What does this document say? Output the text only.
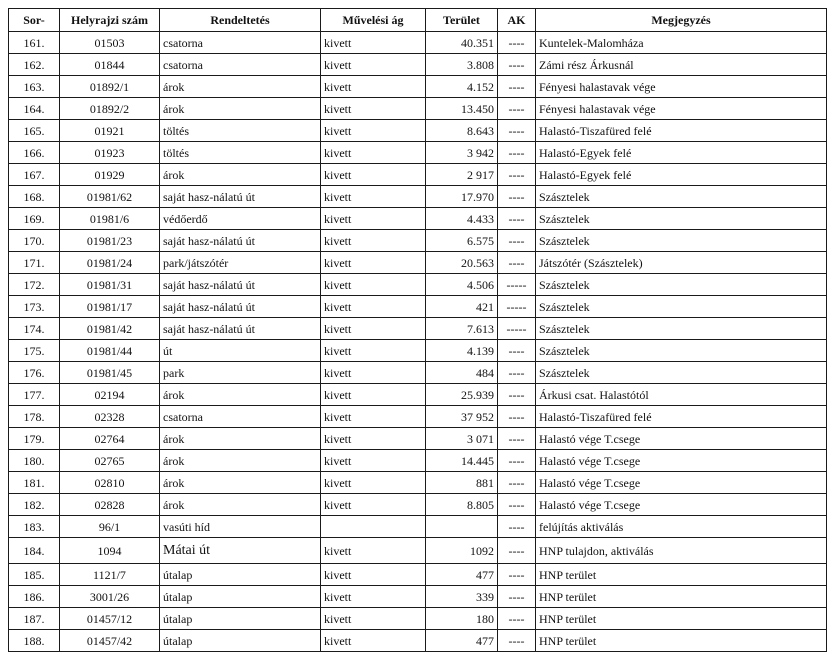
Sor-	Helyrajzi szám	Rendeltetés	Művelési ág	Terület	AK	Megjegyzés
161.	01503	csatorna	kivett	40.351	----	Kuntelek-Malomháza
162.	01844	csatorna	kivett	3.808	----	Zámi rész Árkusnál
163.	01892/1	árok	kivett	4.152	----	Fényesi halastavak vége
164.	01892/2	árok	kivett	13.450	----	Fényesi halastavak vége
165.	01921	töltés	kivett	8.643	----	Halastó-Tiszafüred felé
166.	01923	töltés	kivett	3 942	----	Halastó-Egyek felé
167.	01929	árok	kivett	2 917	----	Halastó-Egyek felé
168.	01981/62	saját hasz-nálatú út	kivett	17.970	----	Szásztelek
169.	01981/6	védőerdő	kivett	4.433	----	Szásztelek
170.	01981/23	saját hasz-nálatú út	kivett	6.575	----	Szásztelek
171.	01981/24	park/játszótér	kivett	20.563	----	Játszótér (Szásztelek)
172.	01981/31	saját hasz-nálatú út	kivett	4.506	-----	Szásztelek
173.	01981/17	saját hasz-nálatú út	kivett	421	-----	Szásztelek
174.	01981/42	saját hasz-nálatú út	kivett	7.613	-----	Szásztelek
175.	01981/44	út	kivett	4.139	----	Szásztelek
176.	01981/45	park	kivett	484	----	Szásztelek
177.	02194	árok	kivett	25.939	----	Árkusi csat. Halastótól
178.	02328	csatorna	kivett	37 952	----	Halastó-Tiszafüred felé
179.	02764	árok	kivett	3 071	----	Halastó vége T.csege
180.	02765	árok	kivett	14.445	----	Halastó vége T.csege
181.	02810	árok	kivett	881	----	Halastó vége T.csege
182.	02828	árok	kivett	8.805	----	Halastó vége T.csege
183.	96/1	vasúti híd			----	felújítás aktiválás
184.	1094	Mátai út	kivett	1092	----	HNP tulajdon, aktiválás
185.	1121/7	útalap	kivett	477	----	HNP terület
186.	3001/26	útalap	kivett	339	----	HNP terület
187.	01457/12	útalap	kivett	180	----	HNP terület
188.	01457/42	útalap	kivett	477	----	HNP terület
